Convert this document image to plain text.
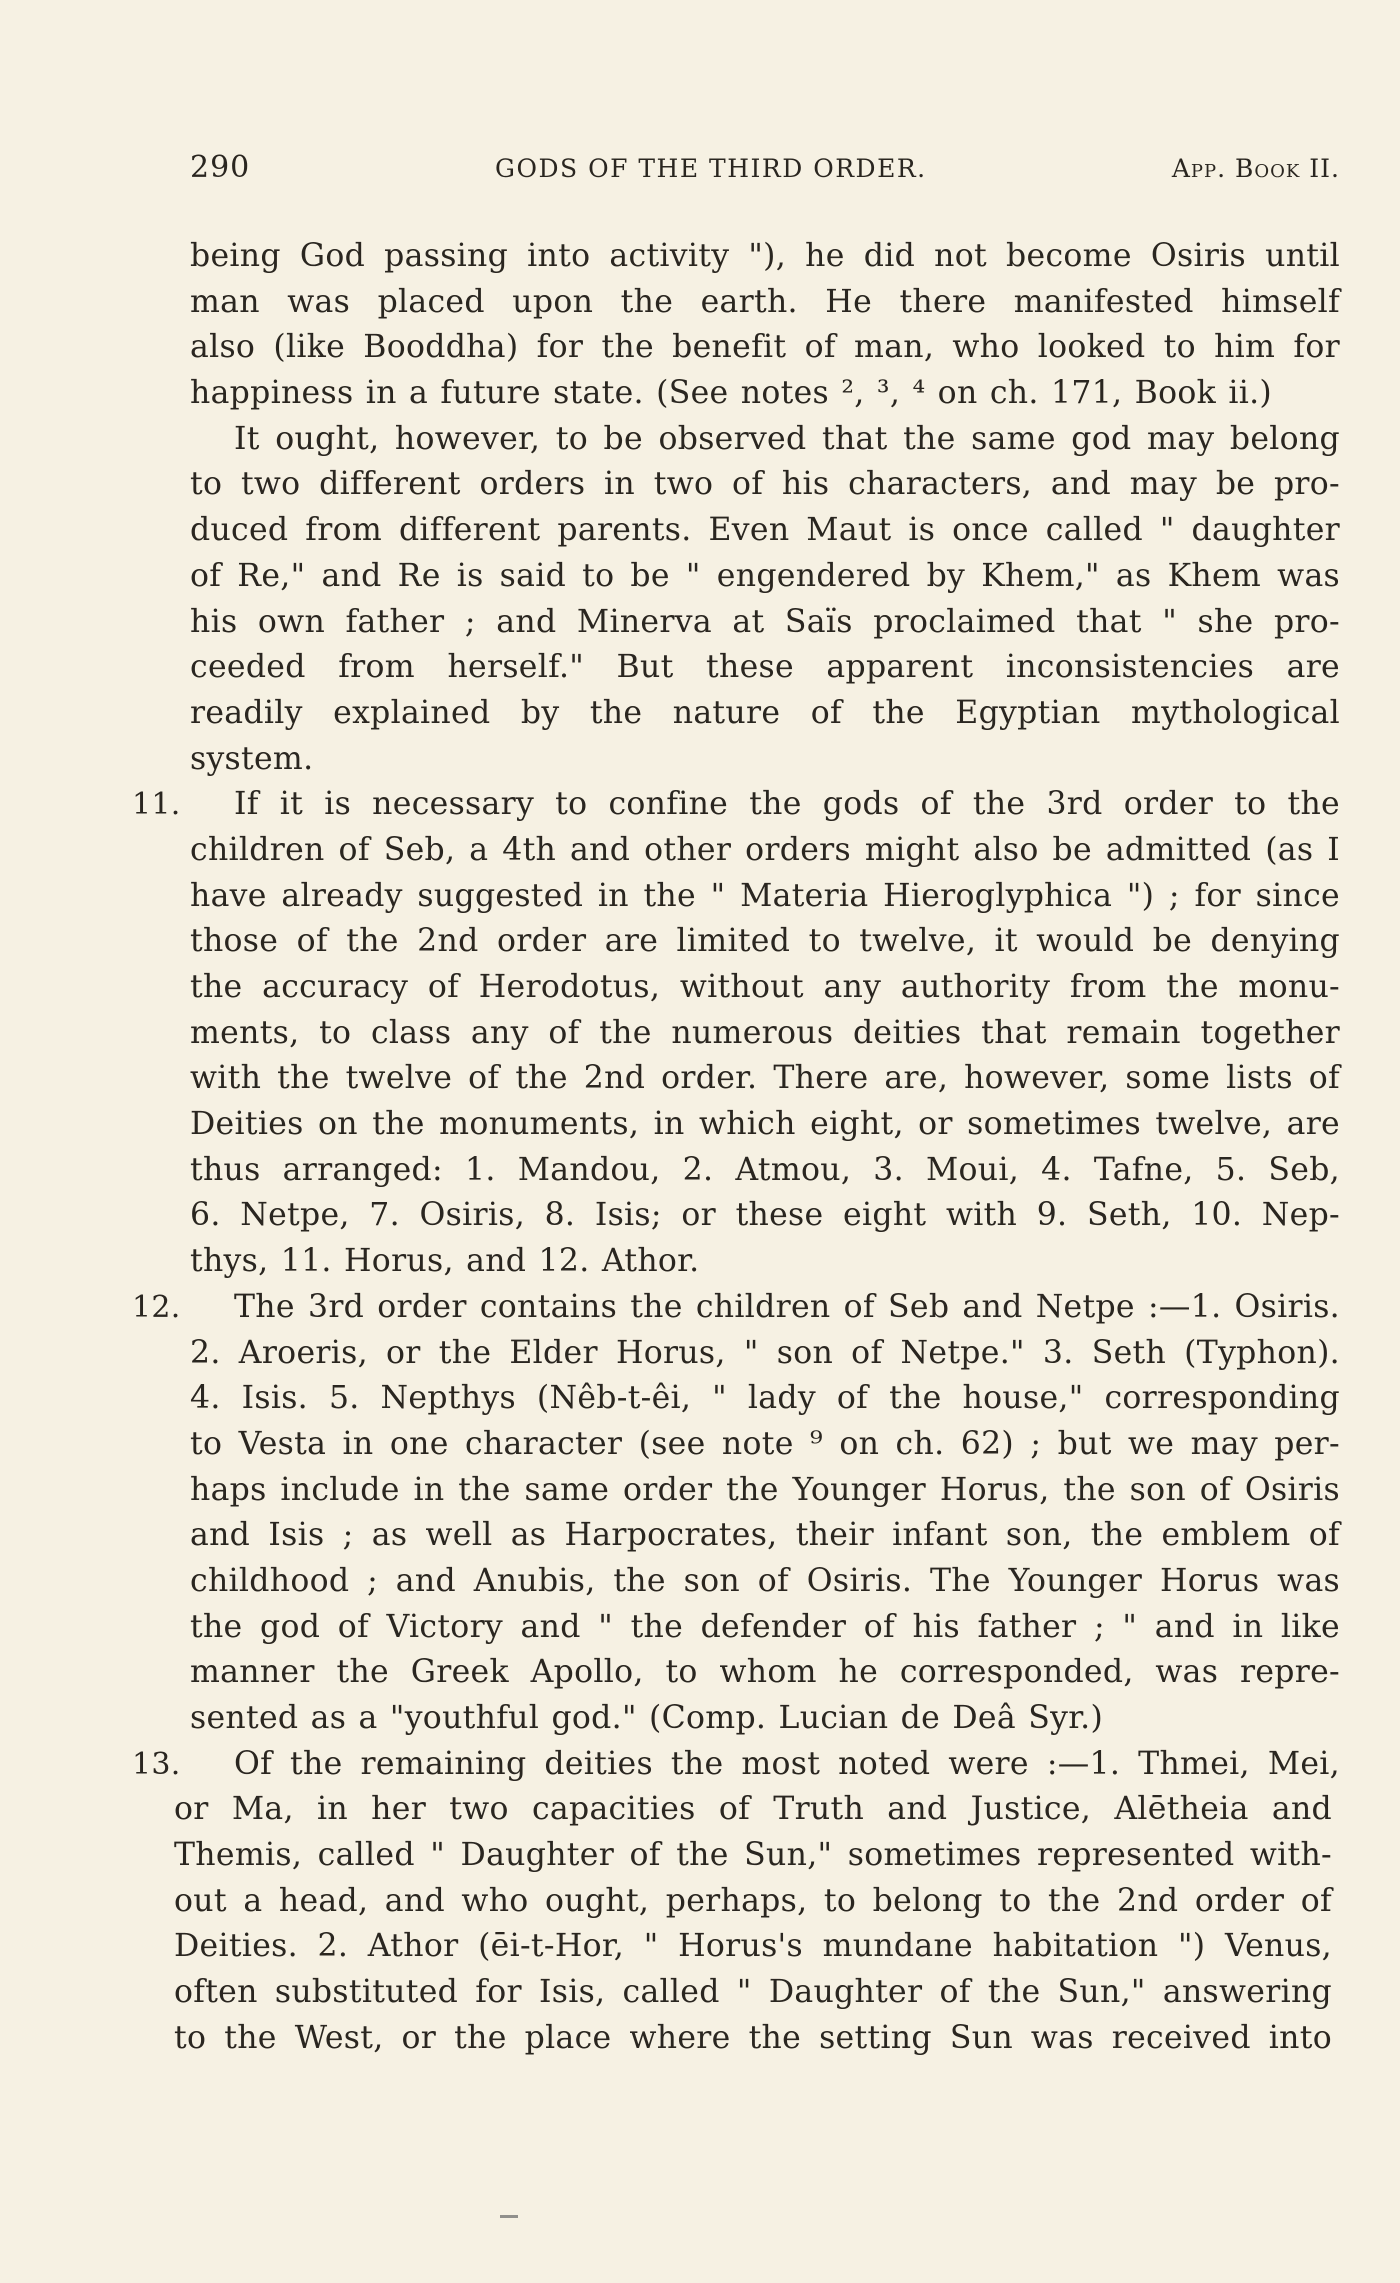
290	GODS OF THE THIRD ORDER.	App. Book II.
being God passing into activity "), he did not become Osiris until
man was placed upon the earth. He there manifested himself
also (like Booddha) for the benefit of man, who looked to him for
happiness in a future state. (See notes ², ³, ⁴ on ch. 171, Book ii.)
It ought, however, to be observed that the same god may belong
to two different orders in two of his characters, and may be pro-
duced from different parents. Even Maut is once called " daughter
of Re," and Re is said to be " engendered by Khem," as Khem was
his own father ; and Minerva at Saïs proclaimed that " she pro-
ceeded from herself." But these apparent inconsistencies are
readily explained by the nature of the Egyptian mythological
system.
11.	If it is necessary to confine the gods of the 3rd order to the
children of Seb, a 4th and other orders might also be admitted (as I
have already suggested in the " Materia Hieroglyphica ") ; for since
those of the 2nd order are limited to twelve, it would be denying
the accuracy of Herodotus, without any authority from the monu-
ments, to class any of the numerous deities that remain together
with the twelve of the 2nd order. There are, however, some lists of
Deities on the monuments, in which eight, or sometimes twelve, are
thus arranged: 1. Mandou, 2. Atmou, 3. Moui, 4. Tafne, 5. Seb,
6. Netpe, 7. Osiris, 8. Isis; or these eight with 9. Seth, 10. Nep-
thys, 11. Horus, and 12. Athor.
12.	The 3rd order contains the children of Seb and Netpe :—1. Osiris.
2. Aroeris, or the Elder Horus, " son of Netpe." 3. Seth (Typhon).
4. Isis. 5. Nepthys (Nêb-t-êi, " lady of the house," corresponding
to Vesta in one character (see note ⁹ on ch. 62) ; but we may per-
haps include in the same order the Younger Horus, the son of Osiris
and Isis ; as well as Harpocrates, their infant son, the emblem of
childhood ; and Anubis, the son of Osiris. The Younger Horus was
the god of Victory and " the defender of his father ; " and in like
manner the Greek Apollo, to whom he corresponded, was repre-
sented as a "youthful god." (Comp. Lucian de Deâ Syr.)
13.	Of the remaining deities the most noted were :—1. Thmei, Mei,
or Ma, in her two capacities of Truth and Justice, Alētheia and
Themis, called " Daughter of the Sun," sometimes represented with-
out a head, and who ought, perhaps, to belong to the 2nd order of
Deities. 2. Athor (ēi-t-Hor, " Horus's mundane habitation ") Venus,
often substituted for Isis, called " Daughter of the Sun," answering
to the West, or the place where the setting Sun was received into
